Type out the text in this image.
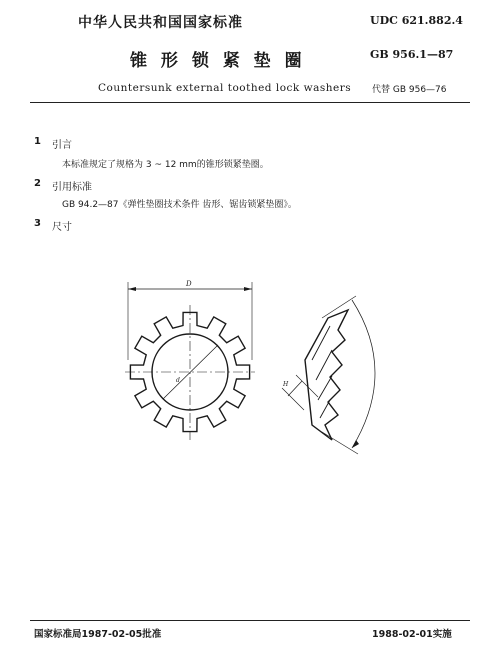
中华人民共和国国家标准	UDC 621.882.4
锥 形 锁 紧 垫 圈	GB 956.1—87
Countersunk external toothed lock washers 代替 GB 956—76
1 引言
本标准规定了规格为 3 ~ 12 mm的锥形锁紧垫圈。
2 引用标准
GB 94.2—87《弹性垫圈技术条件 齿形、锯齿锁紧垫圈》。
3 尺寸
D
d
H
国家标准局1987-02-05批准	1988-02-01实施
